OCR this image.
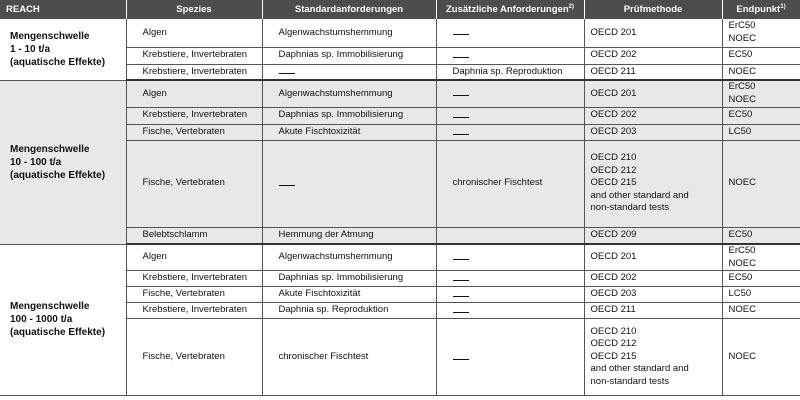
REACH	Spezies	Standardanforderungen	Zusätzliche Anforderungen$^{2)}$	Prüfmethode	Endpunkt$^{1)}$

Mengenschwelle
1 - 10 t/a
(aquatische Effekte)	Algen	Algenwachstumshemmung		OECD 201	ErC50
NOEC

	Krebstiere, Invertebraten	Daphnias sp. Immobilisierung		OECD 202	EC50

	Krebstiere, Invertebraten		Daphnia sp. Reproduktion	OECD 211	NOEC

Mengenschwelle
10 - 100 t/a
(aquatische Effekte)	Algen	Algenwachstumshemmung		OECD 201	ErC50
NOEC

	Krebstiere, Invertebraten	Daphnias sp. Immobilisierung		OECD 202	EC50

	Fische, Vertebraten	Akute Fischtoxizität		OECD 203	LC50

	Fische, Vertebraten		chronischer Fischtest	OECD 210
OECD 212
OECD 215
and other standard and
non-standard tests	NOEC

	Belebtschlamm	Hemmung der Atmung		OECD 209	EC50

Mengenschwelle
100 - 1000 t/a
(aquatische Effekte)	Algen	Algenwachstumshemmung		OECD 201	ErC50
NOEC

	Krebstiere, Invertebraten	Daphnias sp. Immobilisierung		OECD 202	EC50

	Fische, Vertebraten	Akute Fischtoxizität		OECD 203	LC50

	Krebstiere, Invertebraten	Daphnia sp. Reproduktion		OECD 211	NOEC

	Fische, Vertebraten	chronischer Fischtest		OECD 210
OECD 212
OECD 215
and other standard and
non-standard tests	NOEC
